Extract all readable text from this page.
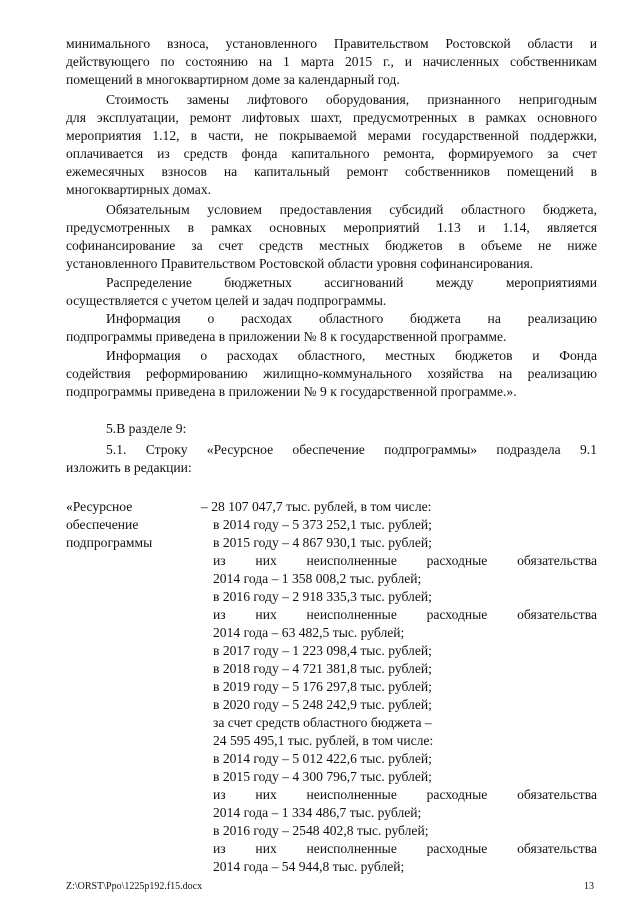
минимального взноса, установленного Правительством Ростовской области и
действующего по состоянию на 1 марта 2015 г., и начисленных собственникам
помещений в многоквартирном доме за календарный год.
Стоимость замены лифтового оборудования, признанного непригодным
для эксплуатации, ремонт лифтовых шахт, предусмотренных в рамках основного
мероприятия 1.12, в части, не покрываемой мерами государственной поддержки,
оплачивается из средств фонда капитального ремонта, формируемого за счет
ежемесячных взносов на капитальный ремонт собственников помещений в
многоквартирных домах.
Обязательным условием предоставления субсидий областного бюджета,
предусмотренных в рамках основных мероприятий 1.13 и 1.14, является
софинансирование за счет средств местных бюджетов в объеме не ниже
установленного Правительством Ростовской области уровня софинансирования.
Распределение бюджетных ассигнований между мероприятиями
осуществляется с учетом целей и задач подпрограммы.
Информация о расходах областного бюджета на реализацию
подпрограммы приведена в приложении № 8 к государственной программе.
Информация о расходах областного, местных бюджетов и Фонда
содействия реформированию жилищно-коммунального хозяйства на реализацию
подпрограммы приведена в приложении № 9 к государственной программе.».
5.В разделе 9:
5.1. Строку «Ресурсное обеспечение подпрограммы» подраздела 9.1
изложить в редакции:
«Ресурсное
обеспечение
подпрограммы
– 28 107 047,7 тыс. рублей, в том числе:
в 2014 году – 5 373 252,1 тыс. рублей;
в 2015 году – 4 867 930,1 тыс. рублей;
из них неисполненные расходные обязательства
2014 года – 1 358 008,2 тыс. рублей;
в 2016 году – 2 918 335,3 тыс. рублей;
из них неисполненные расходные обязательства
2014 года – 63 482,5 тыс. рублей;
в 2017 году – 1 223 098,4 тыс. рублей;
в 2018 году – 4 721 381,8 тыс. рублей;
в 2019 году – 5 176 297,8 тыс. рублей;
в 2020 году – 5 248 242,9 тыс. рублей;
за счет средств областного бюджета –
24 595 495,1 тыс. рублей, в том числе:
в 2014 году – 5 012 422,6 тыс. рублей;
в 2015 году – 4 300 796,7 тыс. рублей;
из них неисполненные расходные обязательства
2014 года – 1 334 486,7 тыс. рублей;
в 2016 году – 2548 402,8 тыс. рублей;
из них неисполненные расходные обязательства
2014 года – 54 944,8 тыс. рублей;
Z:\ORST\Ppo\1225p192.f15.docx	13
